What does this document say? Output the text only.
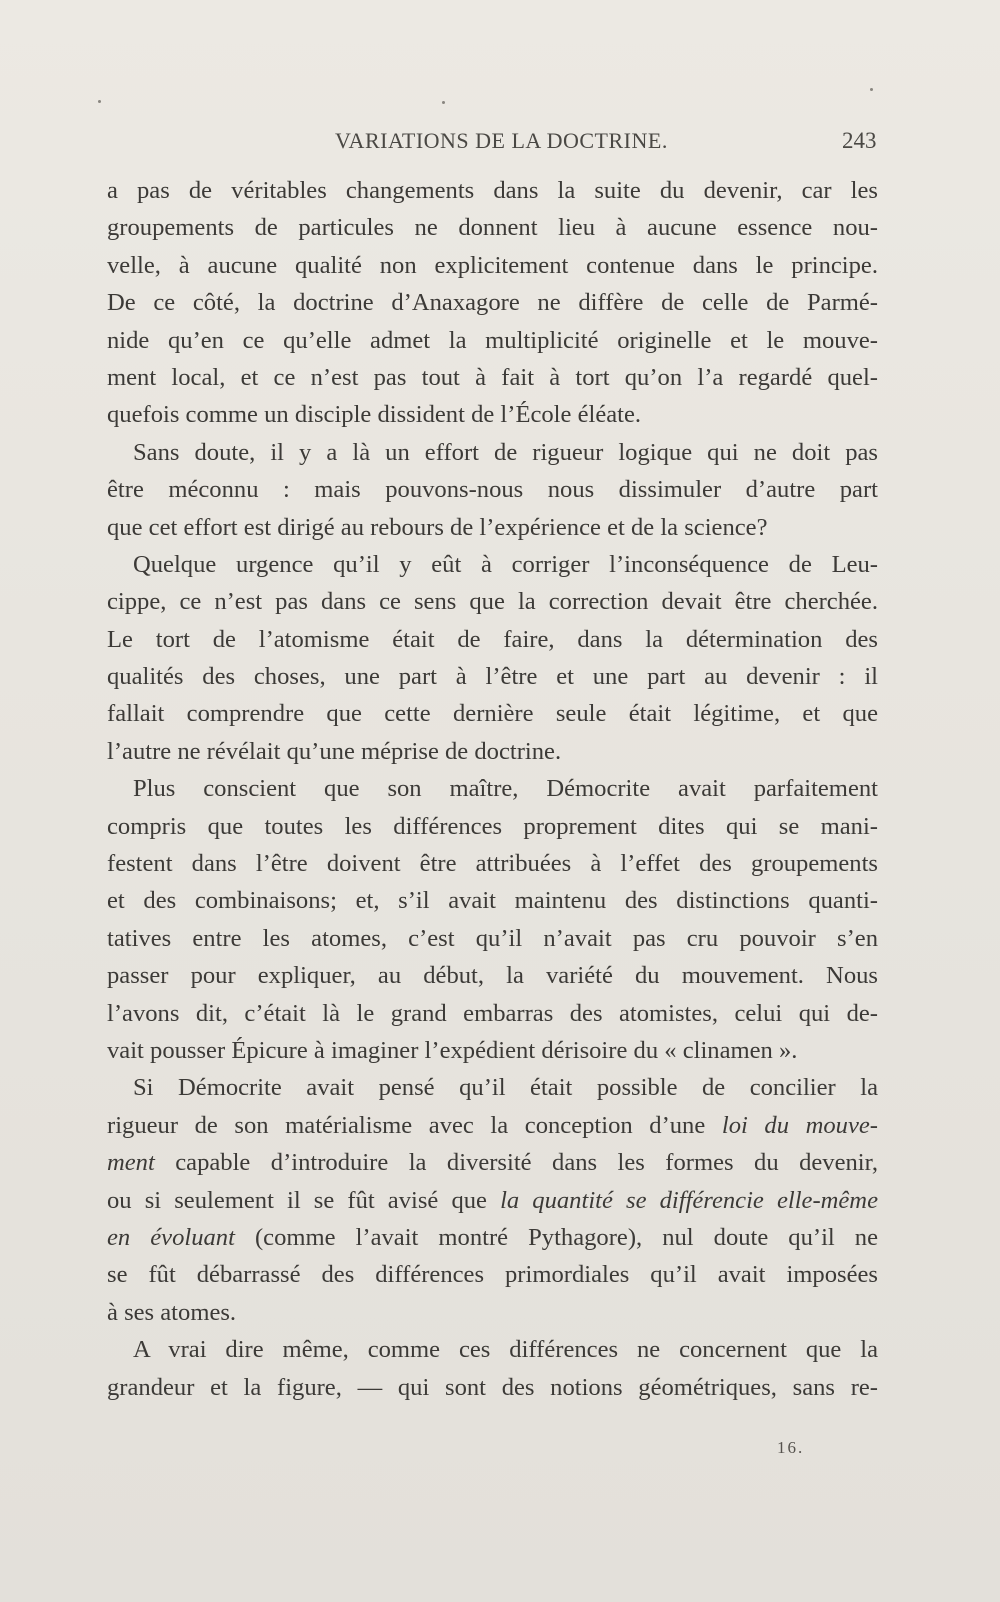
VARIATIONS DE LA DOCTRINE.	243
a pas de véritables changements dans la suite du devenir, car les
groupements de particules ne donnent lieu à aucune essence nou-
velle, à aucune qualité non explicitement contenue dans le principe.
De ce côté, la doctrine d’Anaxagore ne diffère de celle de Parmé-
nide qu’en ce qu’elle admet la multiplicité originelle et le mouve-
ment local, et ce n’est pas tout à fait à tort qu’on l’a regardé quel-
quefois comme un disciple dissident de l’École éléate.
Sans doute, il y a là un effort de rigueur logique qui ne doit pas
être méconnu : mais pouvons-nous nous dissimuler d’autre part
que cet effort est dirigé au rebours de l’expérience et de la science?
Quelque urgence qu’il y eût à corriger l’inconséquence de Leu-
cippe, ce n’est pas dans ce sens que la correction devait être cherchée.
Le tort de l’atomisme était de faire, dans la détermination des
qualités des choses, une part à l’être et une part au devenir : il
fallait comprendre que cette dernière seule était légitime, et que
l’autre ne révélait qu’une méprise de doctrine.
Plus conscient que son maître, Démocrite avait parfaitement
compris que toutes les différences proprement dites qui se mani-
festent dans l’être doivent être attribuées à l’effet des groupements
et des combinaisons; et, s’il avait maintenu des distinctions quanti-
tatives entre les atomes, c’est qu’il n’avait pas cru pouvoir s’en
passer pour expliquer, au début, la variété du mouvement. Nous
l’avons dit, c’était là le grand embarras des atomistes, celui qui de-
vait pousser Épicure à imaginer l’expédient dérisoire du « clinamen ».
Si Démocrite avait pensé qu’il était possible de concilier la
rigueur de son matérialisme avec la conception d’une loi du mouve-
ment capable d’introduire la diversité dans les formes du devenir,
ou si seulement il se fût avisé que la quantité se différencie elle-même
en évoluant (comme l’avait montré Pythagore), nul doute qu’il ne
se fût débarrassé des différences primordiales qu’il avait imposées
à ses atomes.
A vrai dire même, comme ces différences ne concernent que la
grandeur et la figure, — qui sont des notions géométriques, sans re-
16.
